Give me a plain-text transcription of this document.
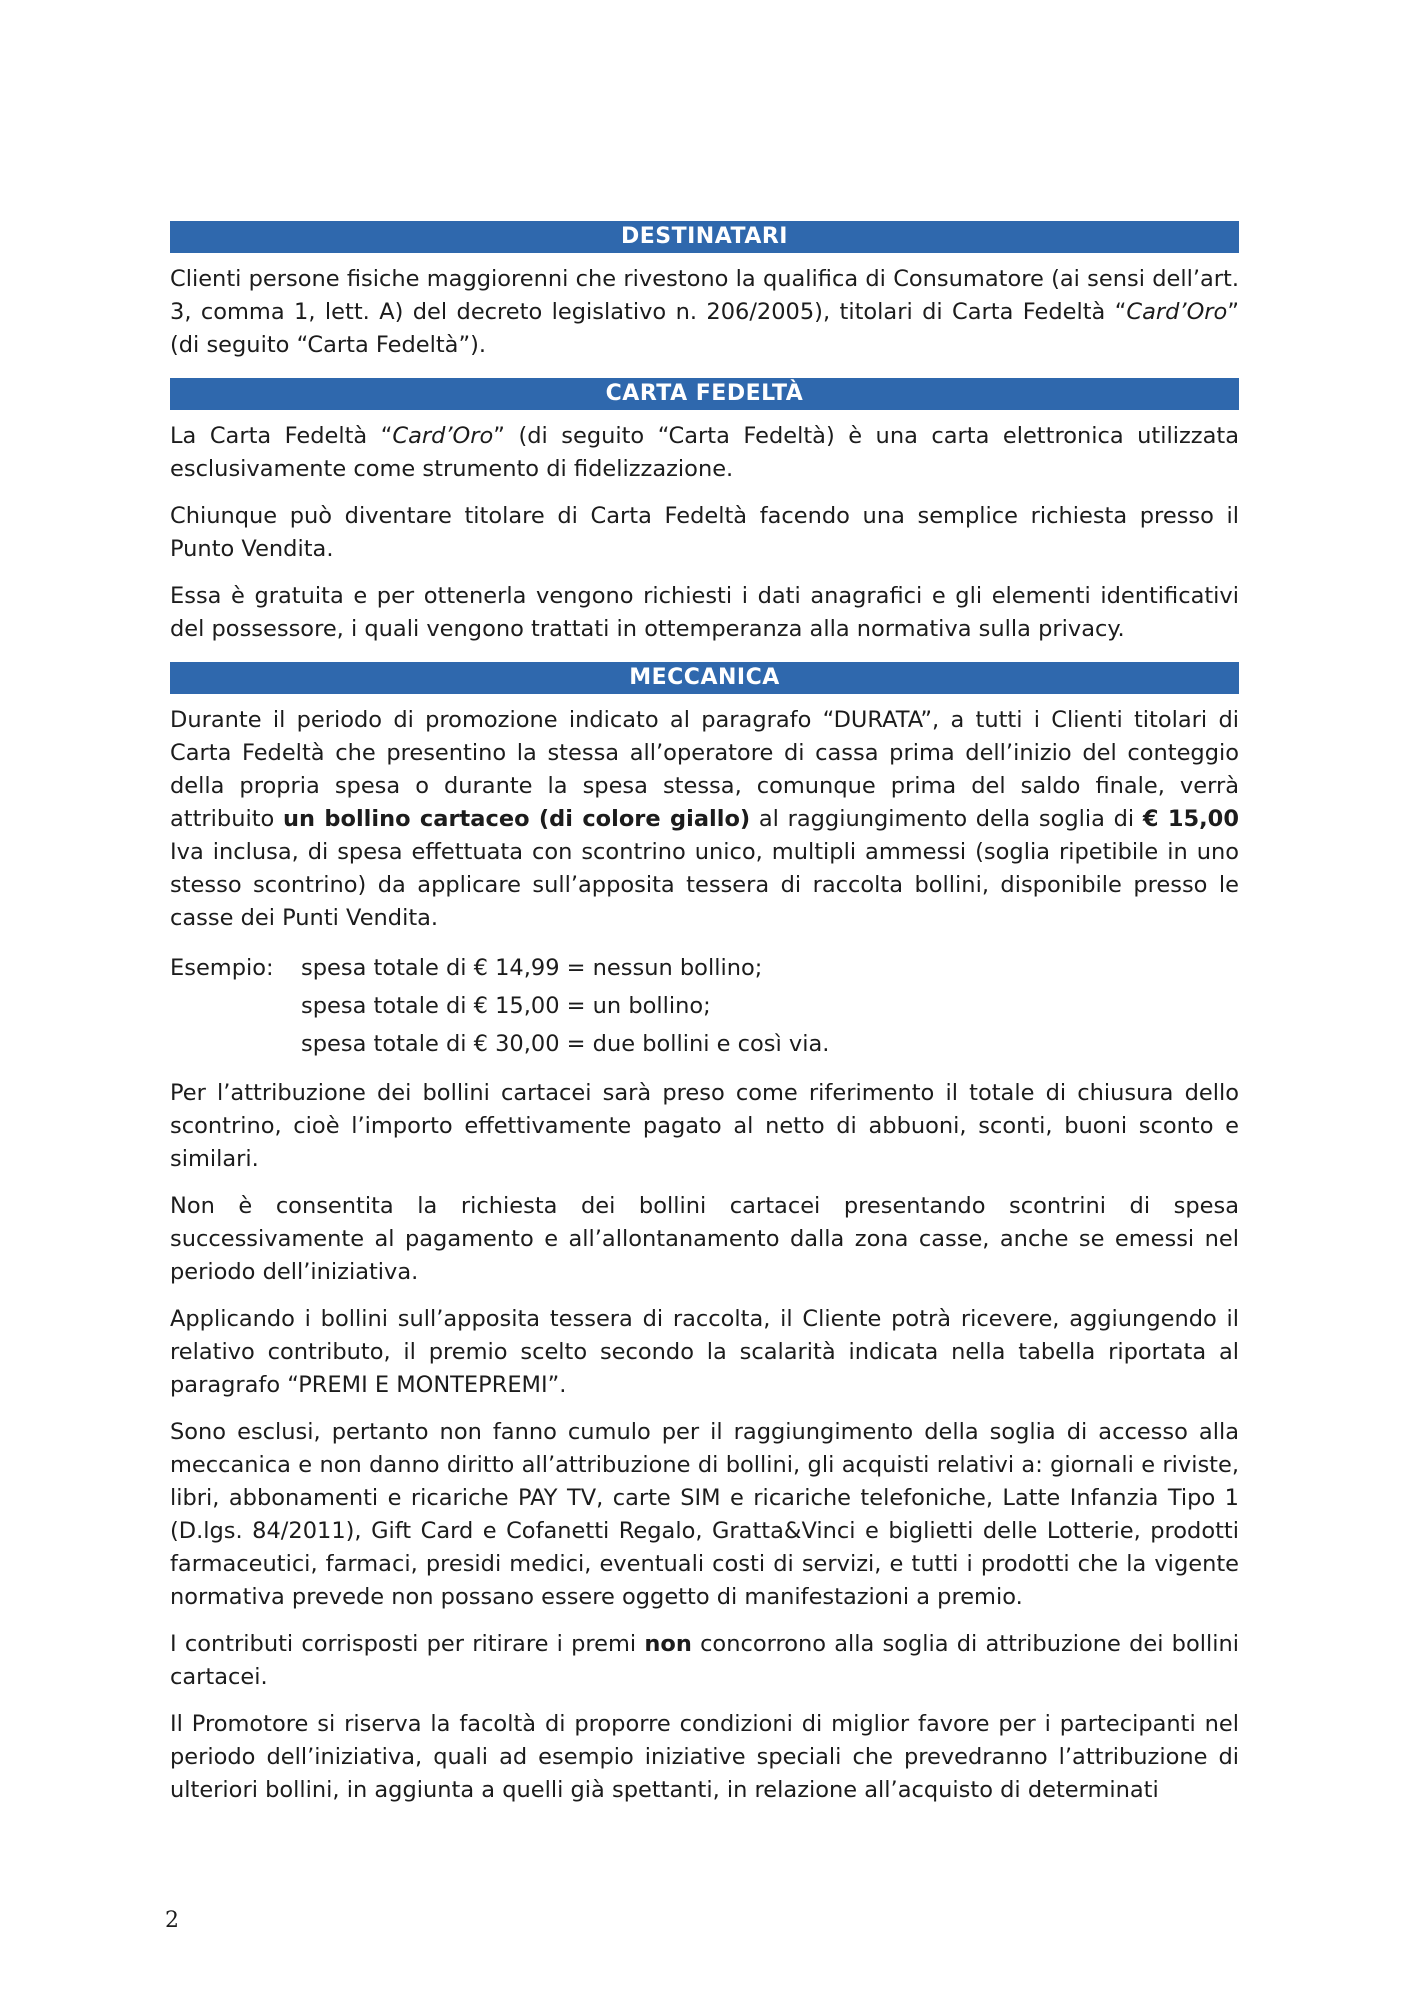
DESTINATARI

Clienti persone fisiche maggiorenni che rivestono la qualifica di Consumatore (ai sensi dell’art. 3, comma 1, lett. A) del decreto legislativo n. 206/2005), titolari di Carta Fedeltà “Card’Oro” (di seguito “Carta Fedeltà”).

CARTA FEDELTÀ

La Carta Fedeltà “Card’Oro” (di seguito “Carta Fedeltà) è una carta elettronica utilizzata esclusivamente come strumento di fidelizzazione.

Chiunque può diventare titolare di Carta Fedeltà facendo una semplice richiesta presso il Punto Vendita.

Essa è gratuita e per ottenerla vengono richiesti i dati anagrafici e gli elementi identificativi del possessore, i quali vengono trattati in ottemperanza alla normativa sulla privacy.

MECCANICA

Durante il periodo di promozione indicato al paragrafo “DURATA”, a tutti i Clienti titolari di Carta Fedeltà che presentino la stessa all’operatore di cassa prima dell’inizio del conteggio della propria spesa o durante la spesa stessa, comunque prima del saldo finale, verrà attribuito un bollino cartaceo (di colore giallo) al raggiungimento della soglia di € 15,00 Iva inclusa, di spesa effettuata con scontrino unico, multipli ammessi (soglia ripetibile in uno stesso scontrino) da applicare sull’apposita tessera di raccolta bollini, disponibile presso le casse dei Punti Vendita.

Esempio:	spesa totale di € 14,99 = nessun bollino;
spesa totale di € 15,00 = un bollino;
spesa totale di € 30,00 = due bollini e così via.

Per l’attribuzione dei bollini cartacei sarà preso come riferimento il totale di chiusura dello scontrino, cioè l’importo effettivamente pagato al netto di abbuoni, sconti, buoni sconto e similari.

Non è consentita la richiesta dei bollini cartacei presentando scontrini di spesa successivamente al pagamento e all’allontanamento dalla zona casse, anche se emessi nel periodo dell’iniziativa.

Applicando i bollini sull’apposita tessera di raccolta, il Cliente potrà ricevere, aggiungendo il relativo contributo, il premio scelto secondo la scalarità indicata nella tabella riportata al paragrafo “PREMI E MONTEPREMI”.

Sono esclusi, pertanto non fanno cumulo per il raggiungimento della soglia di accesso alla meccanica e non danno diritto all’attribuzione di bollini, gli acquisti relativi a: giornali e riviste, libri, abbonamenti e ricariche PAY TV, carte SIM e ricariche telefoniche, Latte Infanzia Tipo 1 (D.lgs. 84/2011), Gift Card e Cofanetti Regalo, Gratta&Vinci e biglietti delle Lotterie, prodotti farmaceutici, farmaci, presidi medici, eventuali costi di servizi, e tutti i prodotti che la vigente normativa prevede non possano essere oggetto di manifestazioni a premio.

I contributi corrisposti per ritirare i premi non concorrono alla soglia di attribuzione dei bollini cartacei.

Il Promotore si riserva la facoltà di proporre condizioni di miglior favore per i partecipanti nel periodo dell’iniziativa, quali ad esempio iniziative speciali che prevedranno l’attribuzione di ulteriori bollini, in aggiunta a quelli già spettanti, in relazione all’acquisto di determinati

2
